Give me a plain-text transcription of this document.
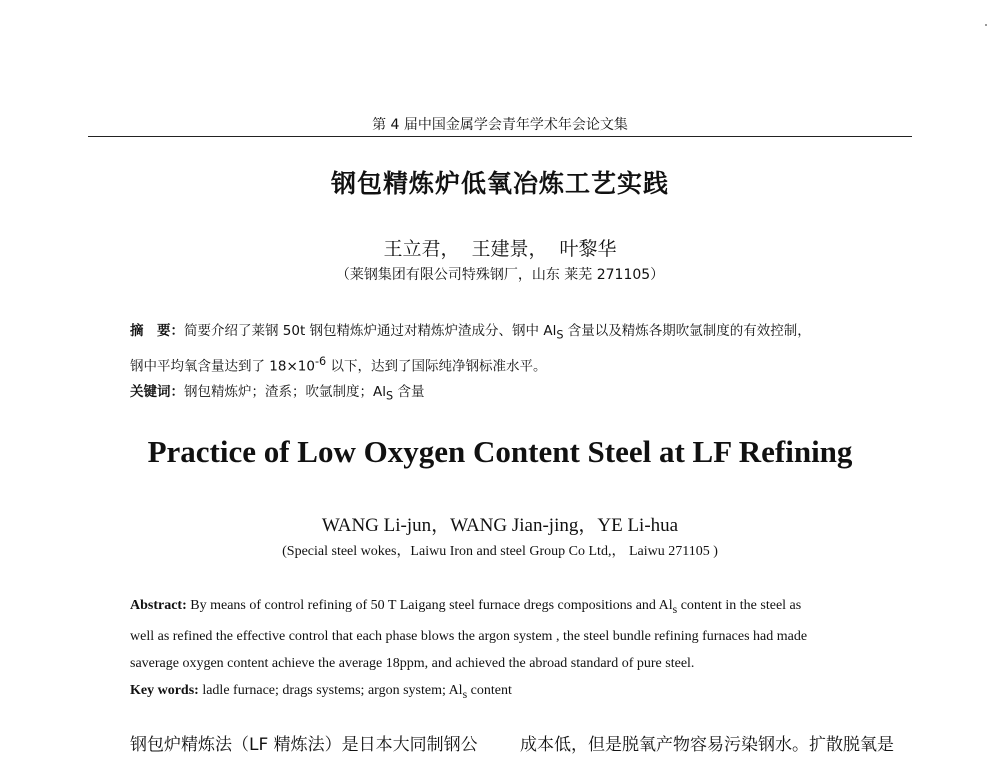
第 4 届中国金属学会青年学术年会论文集
钢包精炼炉低氧冶炼工艺实践
王立君， 王建景， 叶黎华
（莱钢集团有限公司特殊钢厂，山东 莱芜 271105）
摘　要：简要介绍了莱钢 50t 钢包精炼炉通过对精炼炉渣成分、钢中 $Al_S$ 含量以及精炼各期吹氩制度的有效控制，
钢中平均氧含量达到了 $18\times 10^{-6}$ 以下，达到了国际纯净钢标准水平。
关键词：钢包精炼炉；渣系；吹氩制度；$Al_S$ 含量
Practice of Low Oxygen Content Steel at LF Refining
WANG Li-jun，WANG Jian-jing，YE Li-hua
(Special steel wokes，Laiwu Iron and steel Group Co Ltd,， Laiwu 271105 )
Abstract: By means of control refining of 50 T Laigang steel furnace dregs compositions and $Al_s$ content in the steel as
well as refined the effective control that each phase blows the argon system , the steel bundle refining furnaces had made
saverage oxygen content achieve the average 18ppm, and achieved the abroad standard of pure steel.
Key words: ladle furnace; drags systems; argon system; $Al_s$ content
钢包炉精炼法（LF 精炼法）是日本大同制钢公 成本低，但是脱氧产物容易污染钢水。扩散脱氧是
